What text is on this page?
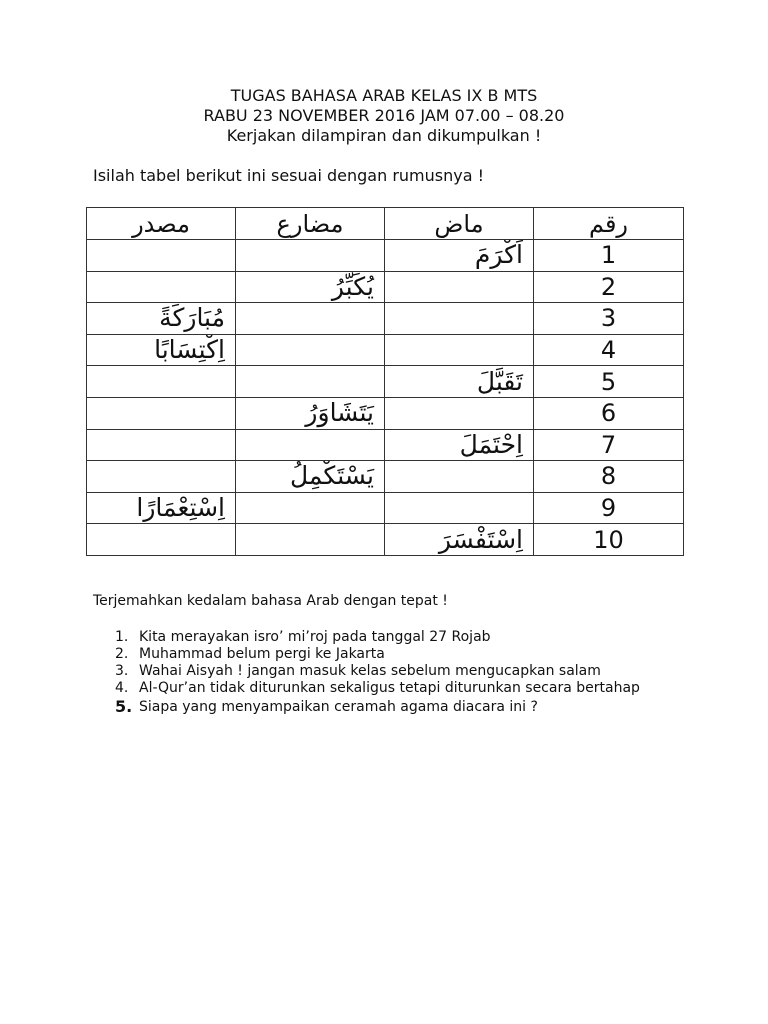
TUGAS BAHASA ARAB KELAS IX B MTS
RABU 23 NOVEMBER 2016 JAM 07.00 – 08.20
Kerjakan dilampiran dan dikumpulkan !
Isilah tabel berikut ini sesuai dengan rumusnya !
مصدر	مضارع	ماض	رقم
		اَكْرَمَ	1
	يُكَبِّرُ		2
مُبَارَكَةً			3
اِكْتِسَابًا			4
		تَقَبَّلَ	5
	يَتَشَاوَرُ		6
		اِحْتَمَلَ	7
	يَسْتَكْمِلُ		8
اِسْتِعْمَارًا			9
		اِسْتَفْسَرَ	10
Terjemahkan kedalam bahasa Arab dengan tepat !
1. Kita merayakan isro’ mi’roj pada tanggal 27 Rojab
2. Muhammad belum pergi ke Jakarta
3. Wahai Aisyah ! jangan masuk kelas sebelum mengucapkan salam
4. Al-Qur’an tidak diturunkan sekaligus tetapi diturunkan secara bertahap
5. Siapa yang menyampaikan ceramah agama diacara ini ?
